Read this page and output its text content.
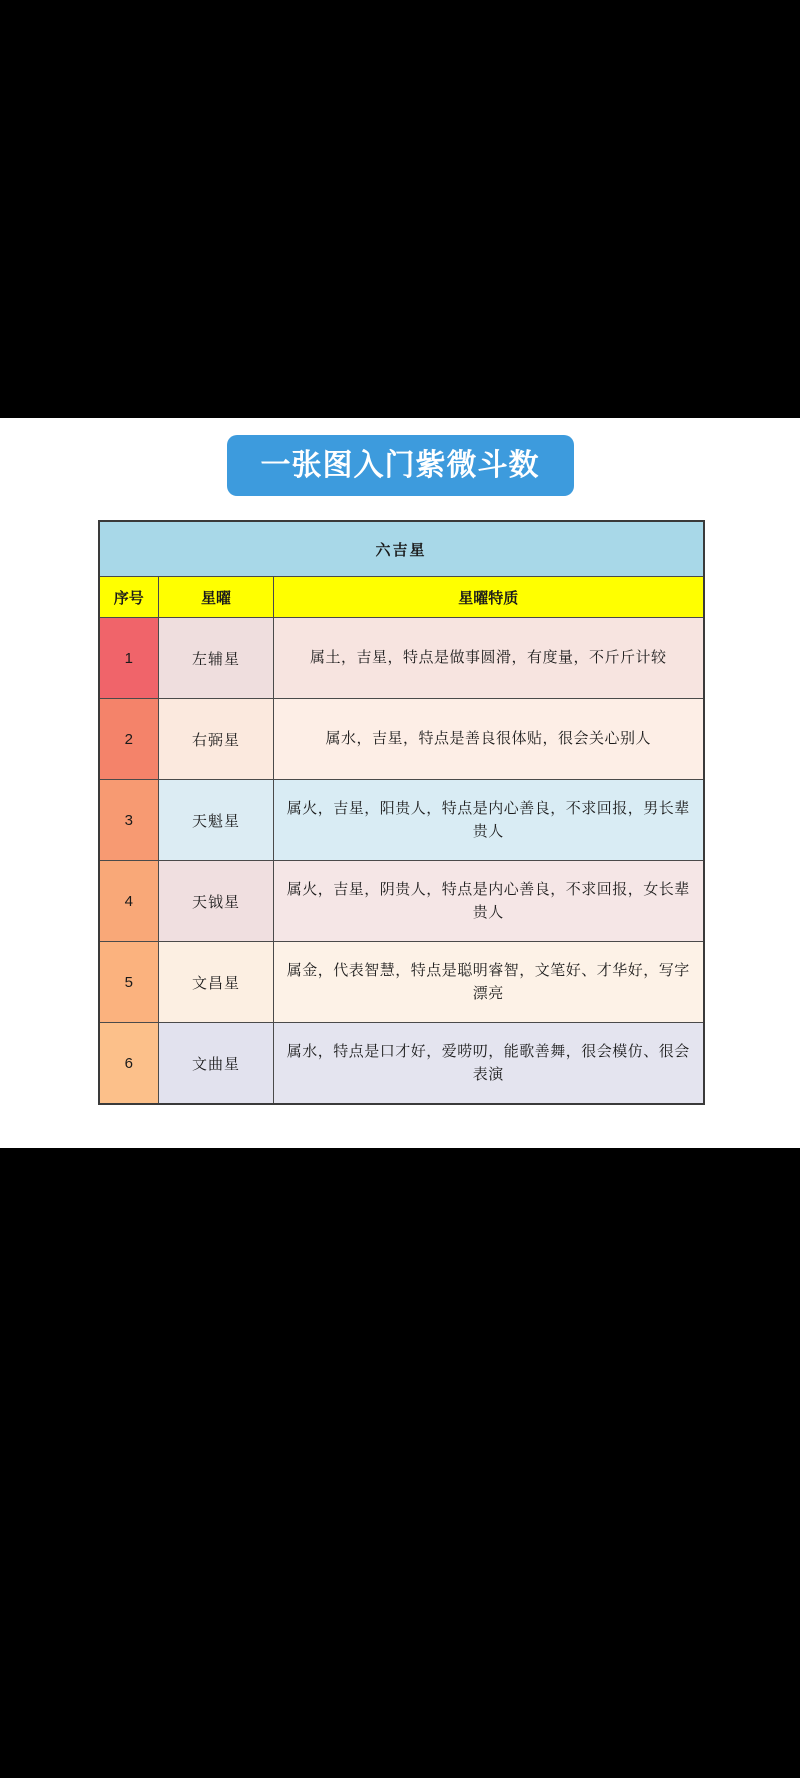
一张图入门紫微斗数
六吉星		
序号	星曜	星曜特质
1	左辅星	属土，吉星，特点是做事圆滑，有度量，不斤斤计较
2	右弼星	属水，吉星，特点是善良很体贴，很会关心别人
3	天魁星	属火，吉星，阳贵人，特点是内心善良，不求回报，男长辈贵人
4	天钺星	属火，吉星，阴贵人，特点是内心善良，不求回报，女长辈贵人
5	文昌星	属金，代表智慧，特点是聪明睿智，文笔好、才华好，写字漂亮
6	文曲星	属水，特点是口才好，爱唠叨，能歌善舞，很会模仿、很会表演
